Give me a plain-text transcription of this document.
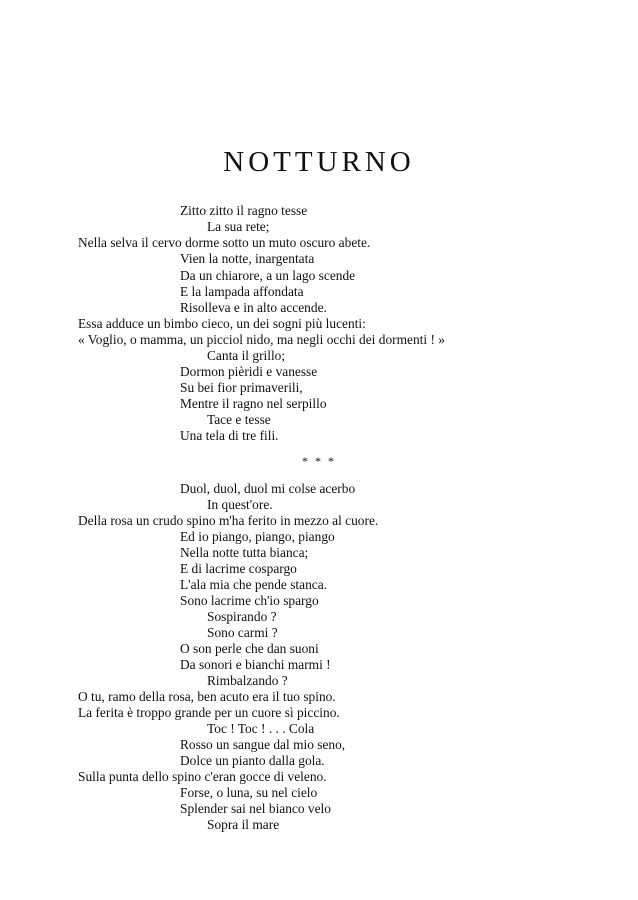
NOTTURNO
Zitto zitto il ragno tesse
La sua rete;
Nella selva il cervo dorme sotto un muto oscuro abete.
Vien la notte, inargentata
Da un chiarore, a un lago scende
E la lampada affondata
Risolleva e in alto accende.
Essa adduce un bimbo cieco, un dei sogni più lucenti:
« Voglio, o mamma, un picciol nido, ma negli occhi dei dormenti ! »
Canta il grillo;
Dormon pièridi e vanesse
Su bei fior primaverili,
Mentre il ragno nel serpillo
Tace e tesse
Una tela di tre fili.
* * *
Duol, duol, duol mi colse acerbo
In quest'ore.
Della rosa un crudo spino m'ha ferito in mezzo al cuore.
Ed io piango, piango, piango
Nella notte tutta bianca;
E di lacrime cospargo
L'ala mia che pende stanca.
Sono lacrime ch'io spargo
Sospirando ?
Sono carmi ?
O son perle che dan suoni
Da sonori e bianchi marmi !
Rimbalzando ?
O tu, ramo della rosa, ben acuto era il tuo spino.
La ferita è troppo grande per un cuore sì piccino.
Toc ! Toc ! . . . Cola
Rosso un sangue dal mio seno,
Dolce un pianto dalla gola.
Sulla punta dello spino c'eran gocce di veleno.
Forse, o luna, su nel cielo
Splender sai nel bianco velo
Sopra il mare
